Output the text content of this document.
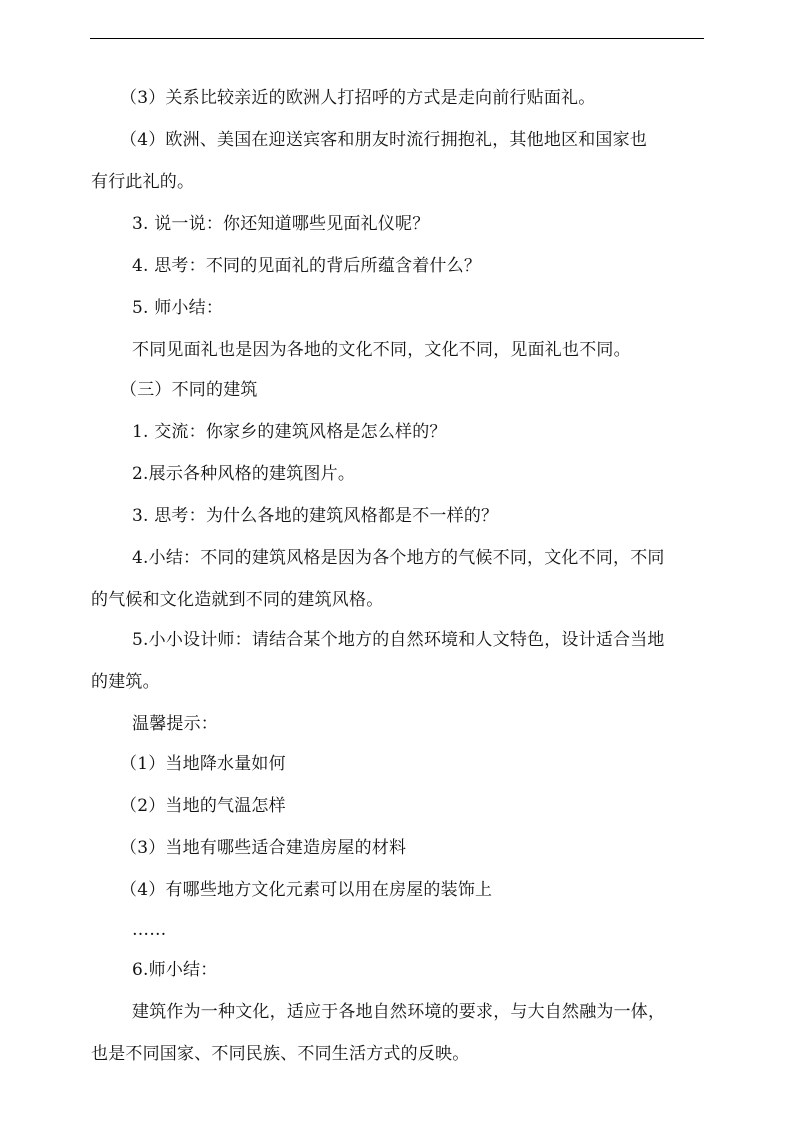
（3）关系比较亲近的欧洲人打招呼的方式是走向前行贴面礼。
（4）欧洲、美国在迎送宾客和朋友时流行拥抱礼，其他地区和国家也
有行此礼的。
3. 说一说：你还知道哪些见面礼仪呢？
4. 思考：不同的见面礼的背后所蕴含着什么？
5. 师小结：
不同见面礼也是因为各地的文化不同，文化不同，见面礼也不同。
（三）不同的建筑
1. 交流：你家乡的建筑风格是怎么样的？
2.展示各种风格的建筑图片。
3. 思考：为什么各地的建筑风格都是不一样的？
4.小结：不同的建筑风格是因为各个地方的气候不同，文化不同，不同
的气候和文化造就到不同的建筑风格。
5.小小设计师：请结合某个地方的自然环境和人文特色，设计适合当地
的建筑。
温馨提示：
（1）当地降水量如何
（2）当地的气温怎样
（3）当地有哪些适合建造房屋的材料
（4）有哪些地方文化元素可以用在房屋的装饰上
……
6.师小结：
建筑作为一种文化，适应于各地自然环境的要求，与大自然融为一体，
也是不同国家、不同民族、不同生活方式的反映。
